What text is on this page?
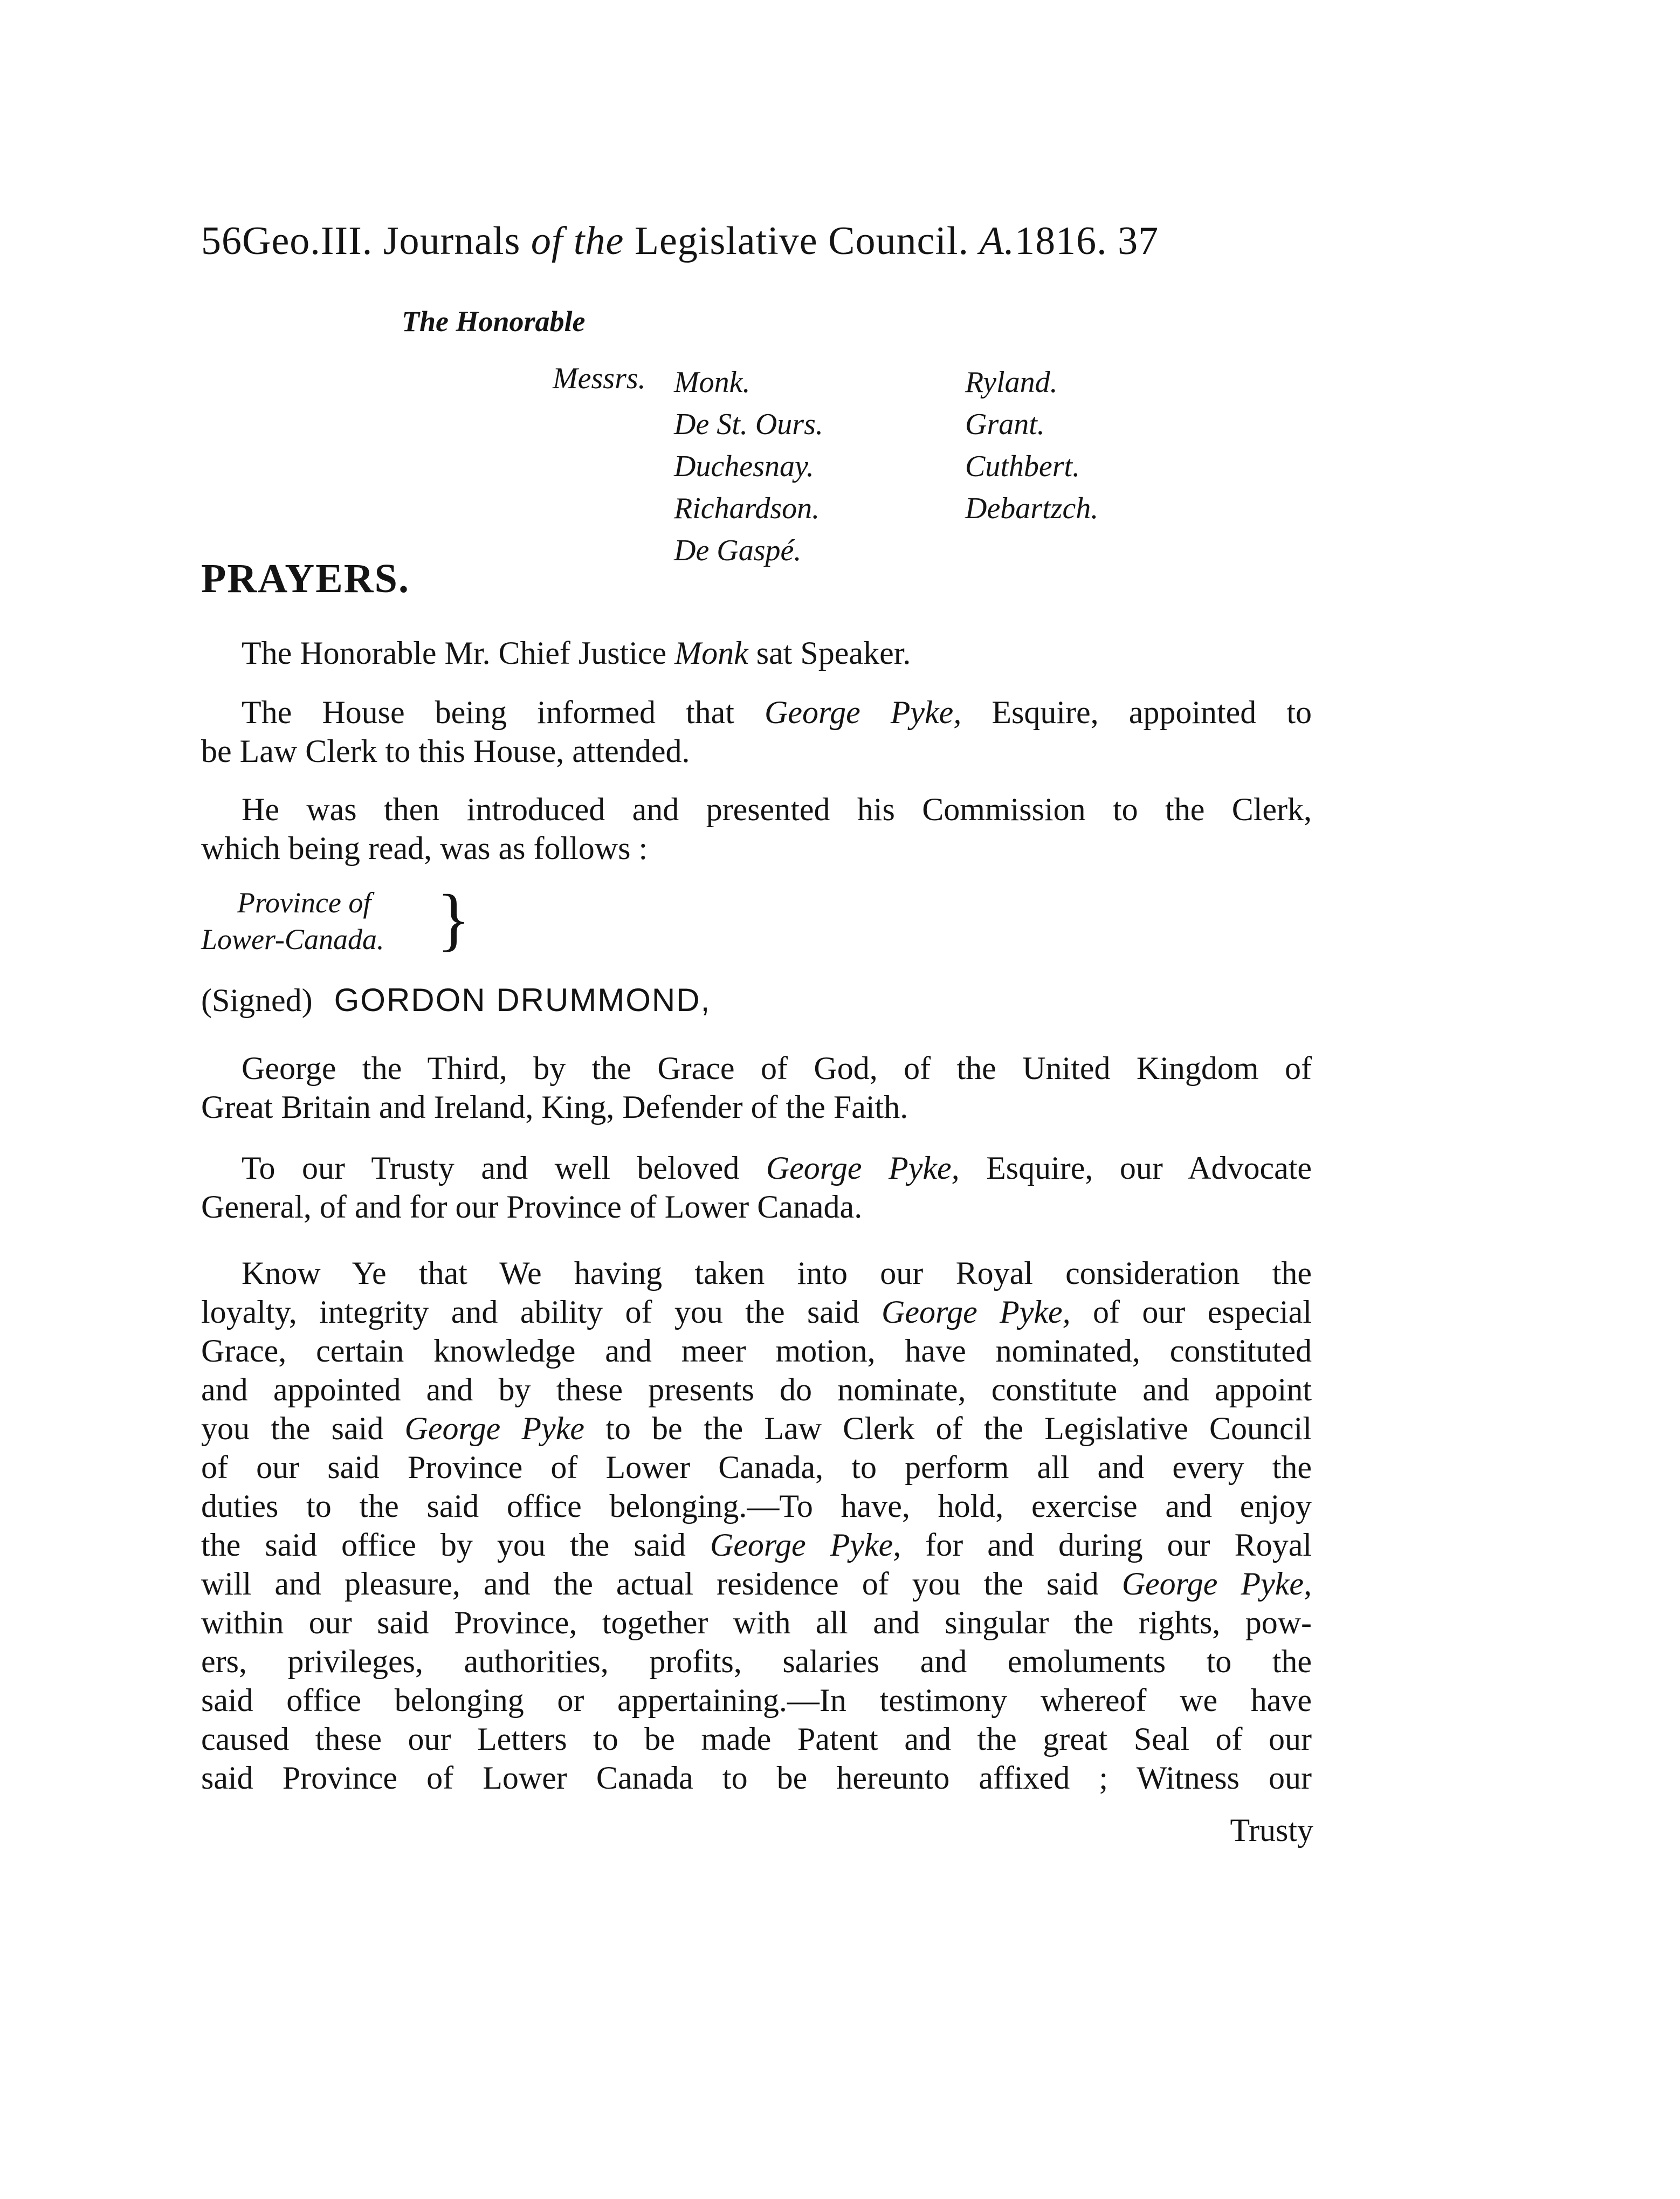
56Geo.III. Journals of the Legislative Council. A.1816. 37
The Honorable
Messrs. Monk.
De St. Ours.
Duchesnay.
Richardson.
De Gaspé.
Ryland.
Grant.
Cuthbert.
Debartzch.
PRAYERS.
The Honorable Mr. Chief Justice Monk sat Speaker.

The House being informed that George Pyke, Esquire, appointed to

be Law Clerk to this House, attended.

He was then introduced and presented his Commission to the Clerk,

which being read, was as follows :
Province of
Lower-Canada. }
(Signed) GORDON DRUMMOND,

George the Third, by the Grace of God, of the United Kingdom of

Great Britain and Ireland, King, Defender of the Faith.

To our Trusty and well beloved George Pyke, Esquire, our Advocate

General, of and for our Province of Lower Canada.

Know Ye that We having taken into our Royal consideration the

loyalty, integrity and ability of you the said George Pyke, of our especial

Grace, certain knowledge and meer motion, have nominated, constituted

and appointed and by these presents do nominate, constitute and appoint

you the said George Pyke to be the Law Clerk of the Legislative Council

of our said Province of Lower Canada, to perform all and every the

duties to the said office belonging.—To have, hold, exercise and enjoy

the said office by you the said George Pyke, for and during our Royal

will and pleasure, and the actual residence of you the said George Pyke,

within our said Province, together with all and singular the rights, pow-

ers, privileges, authorities, profits, salaries and emoluments to the

said office belonging or appertaining.—In testimony whereof we have

caused these our Letters to be made Patent and the great Seal of our

said Province of Lower Canada to be hereunto affixed ; Witness our

Trusty
